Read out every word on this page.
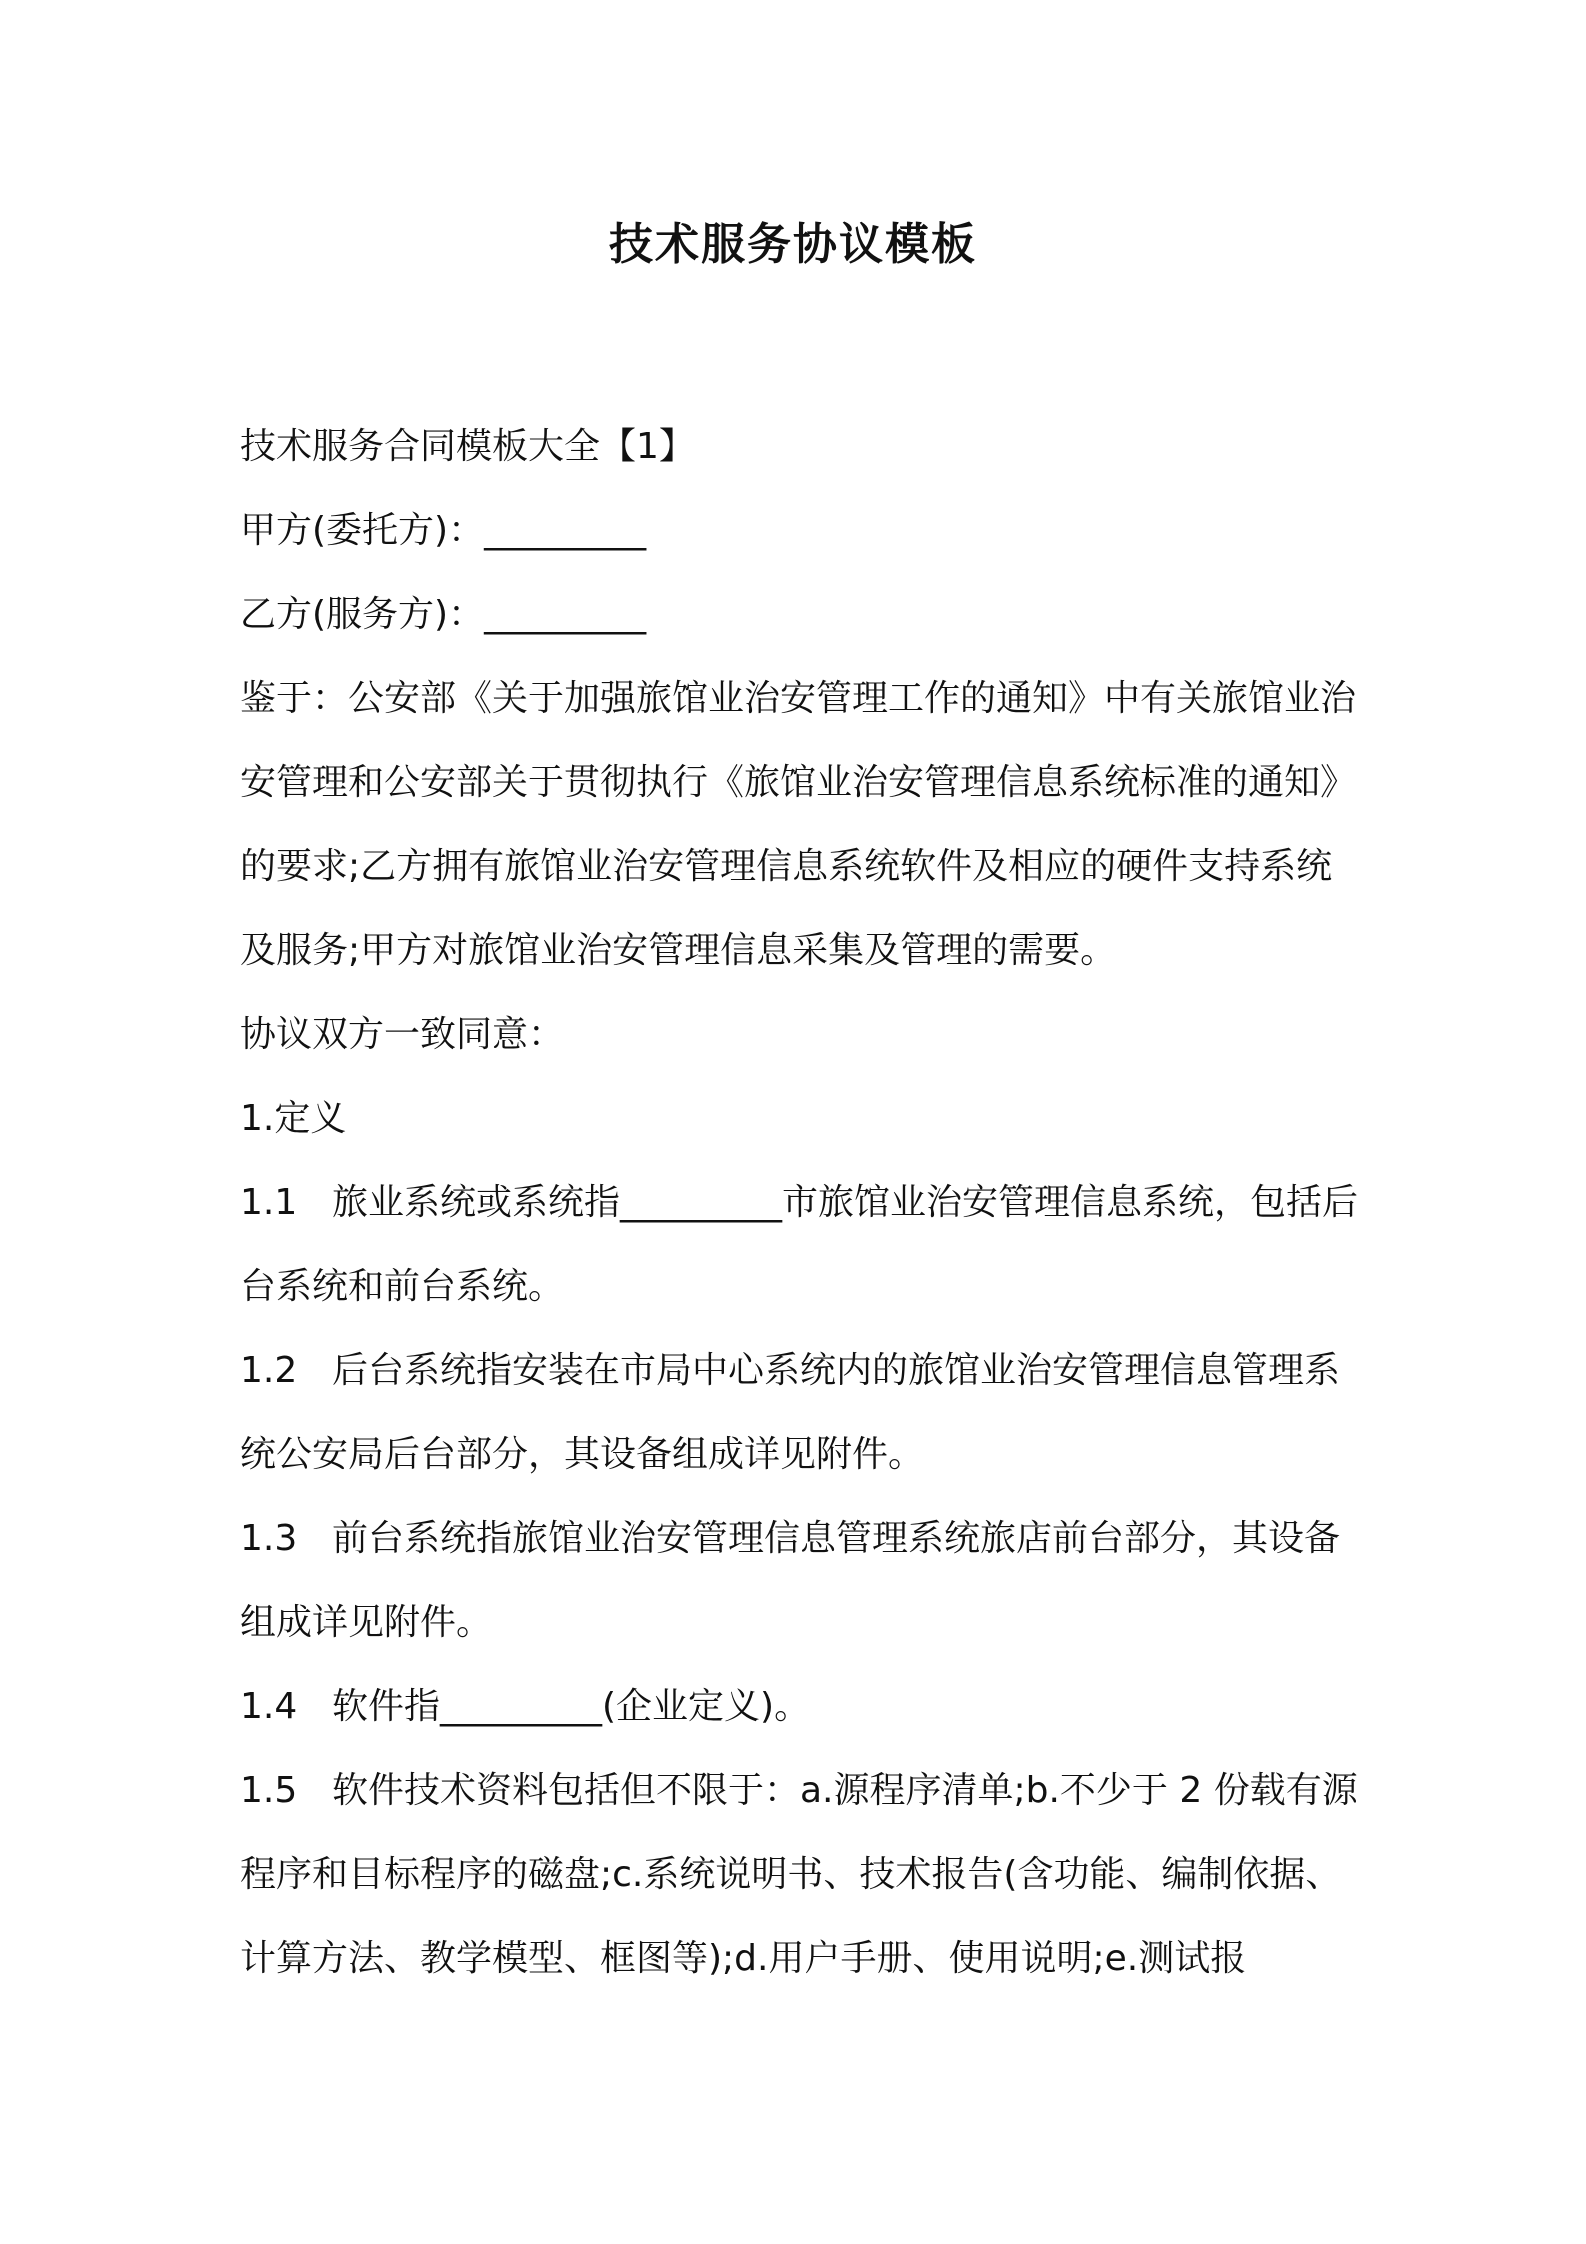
技术服务协议模板

技术服务合同模板大全【1】

甲方(委托方)：_________

乙方(服务方)：_________

鉴于：公安部《关于加强旅馆业治安管理工作的通知》中有关旅馆业治安管理和公安部关于贯彻执行《旅馆业治安管理信息系统标准的通知》的要求;乙方拥有旅馆业治安管理信息系统软件及相应的硬件支持系统及服务;甲方对旅馆业治安管理信息采集及管理的需要。

协议双方一致同意：

1.定义

1.1 旅业系统或系统指_________市旅馆业治安管理信息系统，包括后台系统和前台系统。

1.2 后台系统指安装在市局中心系统内的旅馆业治安管理信息管理系统公安局后台部分，其设备组成详见附件。

1.3 前台系统指旅馆业治安管理信息管理系统旅店前台部分，其设备组成详见附件。

1.4 软件指_________(企业定义)。

1.5 软件技术资料包括但不限于：a.源程序清单;b.不少于 2 份载有源程序和目标程序的磁盘;c.系统说明书、技术报告(含功能、编制依据、计算方法、教学模型、框图等);d.用户手册、使用说明;e.测试报
